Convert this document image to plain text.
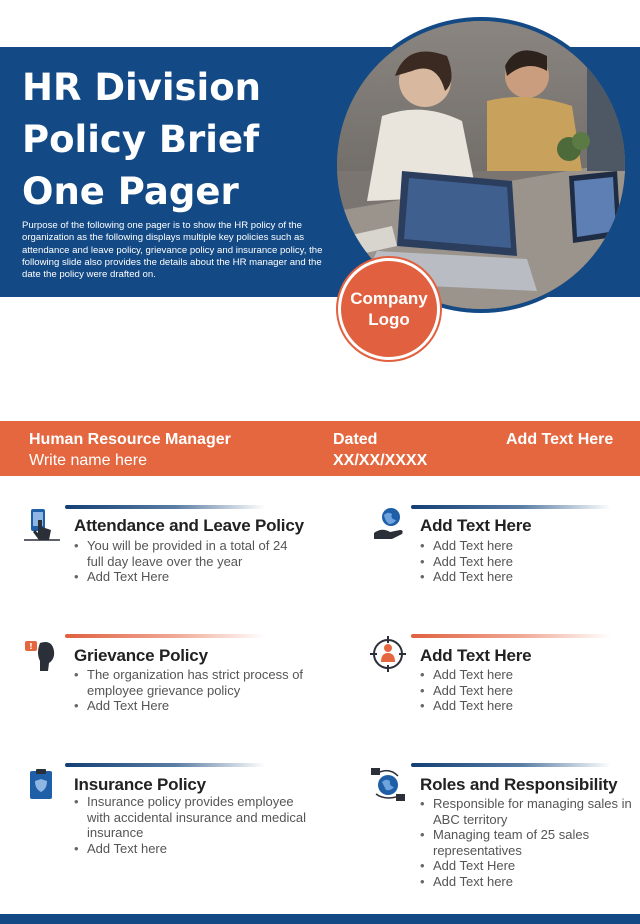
HR Division
Policy Brief
One Pager

Purpose of the following one pager is to show the HR policy of the organization as the following displays multiple key policies such as attendance and leave policy, grievance policy and insurance policy, the following slide also provides the details about the HR manager and the date the policy were drafted on.

Company
Logo
Human Resource Manager
Write name here
Dated
XX/XX/XXXX
Add Text Here
Attendance and Leave Policy
• You will be provided in a total of 24 full day leave over the year
• Add Text Here
Add Text Here
• Add Text here
• Add Text here
• Add Text here
! Grievance Policy
• The organization has strict process of employee grievance policy
• Add Text Here
Add Text Here
• Add Text here
• Add Text here
• Add Text here
Insurance Policy
• Insurance policy provides employee with accidental insurance and medical insurance
• Add Text here
Roles and Responsibility
• Responsible for managing sales in ABC territory
• Managing team of 25 sales representatives
• Add Text Here
• Add Text here
